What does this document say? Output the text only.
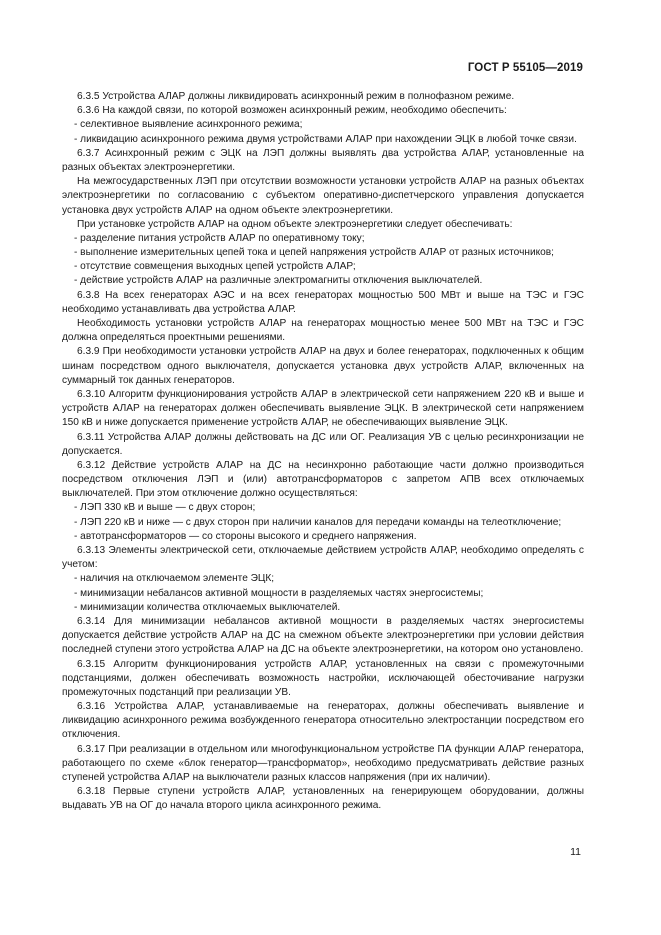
ГОСТ Р 55105—2019

6.3.5 Устройства АЛАР должны ликвидировать асинхронный режим в полнофазном режиме.

6.3.6 На каждой связи, по которой возможен асинхронный режим, необходимо обеспечить:

- селективное выявление асинхронного режима;

- ликвидацию асинхронного режима двумя устройствами АЛАР при нахождении ЭЦК в любой точке связи.

6.3.7 Асинхронный режим с ЭЦК на ЛЭП должны выявлять два устройства АЛАР, установленные на разных объектах электроэнергетики.

На межгосударственных ЛЭП при отсутствии возможности установки устройств АЛАР на разных объектах электроэнергетики по согласованию с субъектом оперативно-диспетчерского управления допускается установка двух устройств АЛАР на одном объекте электроэнергетики.

При установке устройств АЛАР на одном объекте электроэнергетики следует обеспечивать:

- разделение питания устройств АЛАР по оперативному току;

- выполнение измерительных цепей тока и цепей напряжения устройств АЛАР от разных источников;

- отсутствие совмещения выходных цепей устройств АЛАР;

- действие устройств АЛАР на различные электромагниты отключения выключателей.

6.3.8 На всех генераторах АЭС и на всех генераторах мощностью 500 МВт и выше на ТЭС и ГЭС необходимо устанавливать два устройства АЛАР.

Необходимость установки устройств АЛАР на генераторах мощностью менее 500 МВт на ТЭС и ГЭС должна определяться проектными решениями.

6.3.9 При необходимости установки устройств АЛАР на двух и более генераторах, подключенных к общим шинам посредством одного выключателя, допускается установка двух устройств АЛАР, включенных на суммарный ток данных генераторов.

6.3.10 Алгоритм функционирования устройств АЛАР в электрической сети напряжением 220 кВ и выше и устройств АЛАР на генераторах должен обеспечивать выявление ЭЦК. В электрической сети напряжением 150 кВ и ниже допускается применение устройств АЛАР, не обеспечивающих выявление ЭЦК.

6.3.11 Устройства АЛАР должны действовать на ДС или ОГ. Реализация УВ с целью ресинхронизации не допускается.

6.3.12 Действие устройств АЛАР на ДС на несинхронно работающие части должно производиться посредством отключения ЛЭП и (или) автотрансформаторов с запретом АПВ всех отключаемых выключателей. При этом отключение должно осуществляться:

- ЛЭП 330 кВ и выше — с двух сторон;

- ЛЭП 220 кВ и ниже — с двух сторон при наличии каналов для передачи команды на телеотключение;

- автотрансформаторов — со стороны высокого и среднего напряжения.

6.3.13 Элементы электрической сети, отключаемые действием устройств АЛАР, необходимо определять с учетом:

- наличия на отключаемом элементе ЭЦК;

- минимизации небалансов активной мощности в разделяемых частях энергосистемы;

- минимизации количества отключаемых выключателей.

6.3.14 Для минимизации небалансов активной мощности в разделяемых частях энергосистемы допускается действие устройств АЛАР на ДС на смежном объекте электроэнергетики при условии действия последней ступени этого устройства АЛАР на ДС на объекте электроэнергетики, на котором оно установлено.

6.3.15 Алгоритм функционирования устройств АЛАР, установленных на связи с промежуточными подстанциями, должен обеспечивать возможность настройки, исключающей обесточивание нагрузки промежуточных подстанций при реализации УВ.

6.3.16 Устройства АЛАР, устанавливаемые на генераторах, должны обеспечивать выявление и ликвидацию асинхронного режима возбужденного генератора относительно электростанции посредством его отключения.

6.3.17 При реализации в отдельном или многофункциональном устройстве ПА функции АЛАР генератора, работающего по схеме «блок генератор—трансформатор», необходимо предусматривать действие разных ступеней устройства АЛАР на выключатели разных классов напряжения (при их наличии).

6.3.18 Первые ступени устройств АЛАР, установленных на генерирующем оборудовании, должны выдавать УВ на ОГ до начала второго цикла асинхронного режима.

11
